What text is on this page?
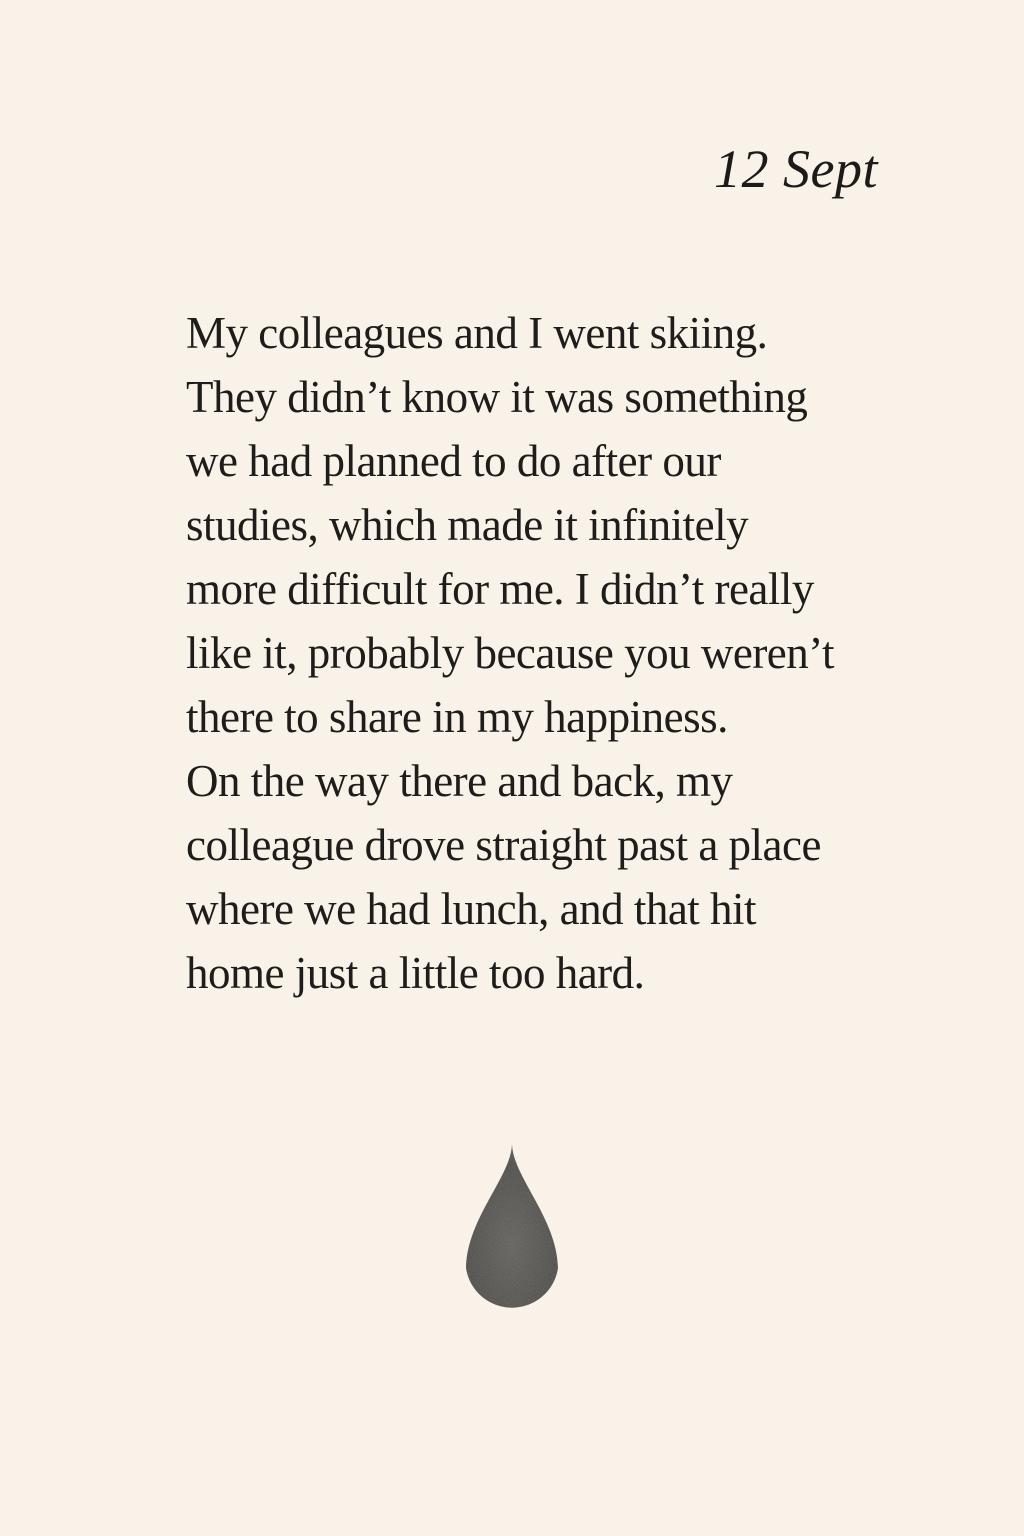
12 Sept
My colleagues and I went skiing.
They didn’t know it was something
we had planned to do after our
studies, which made it infinitely
more difficult for me. I didn’t really
like it, probably because you weren’t
there to share in my happiness.
On the way there and back, my
colleague drove straight past a place
where we had lunch, and that hit
home just a little too hard.
